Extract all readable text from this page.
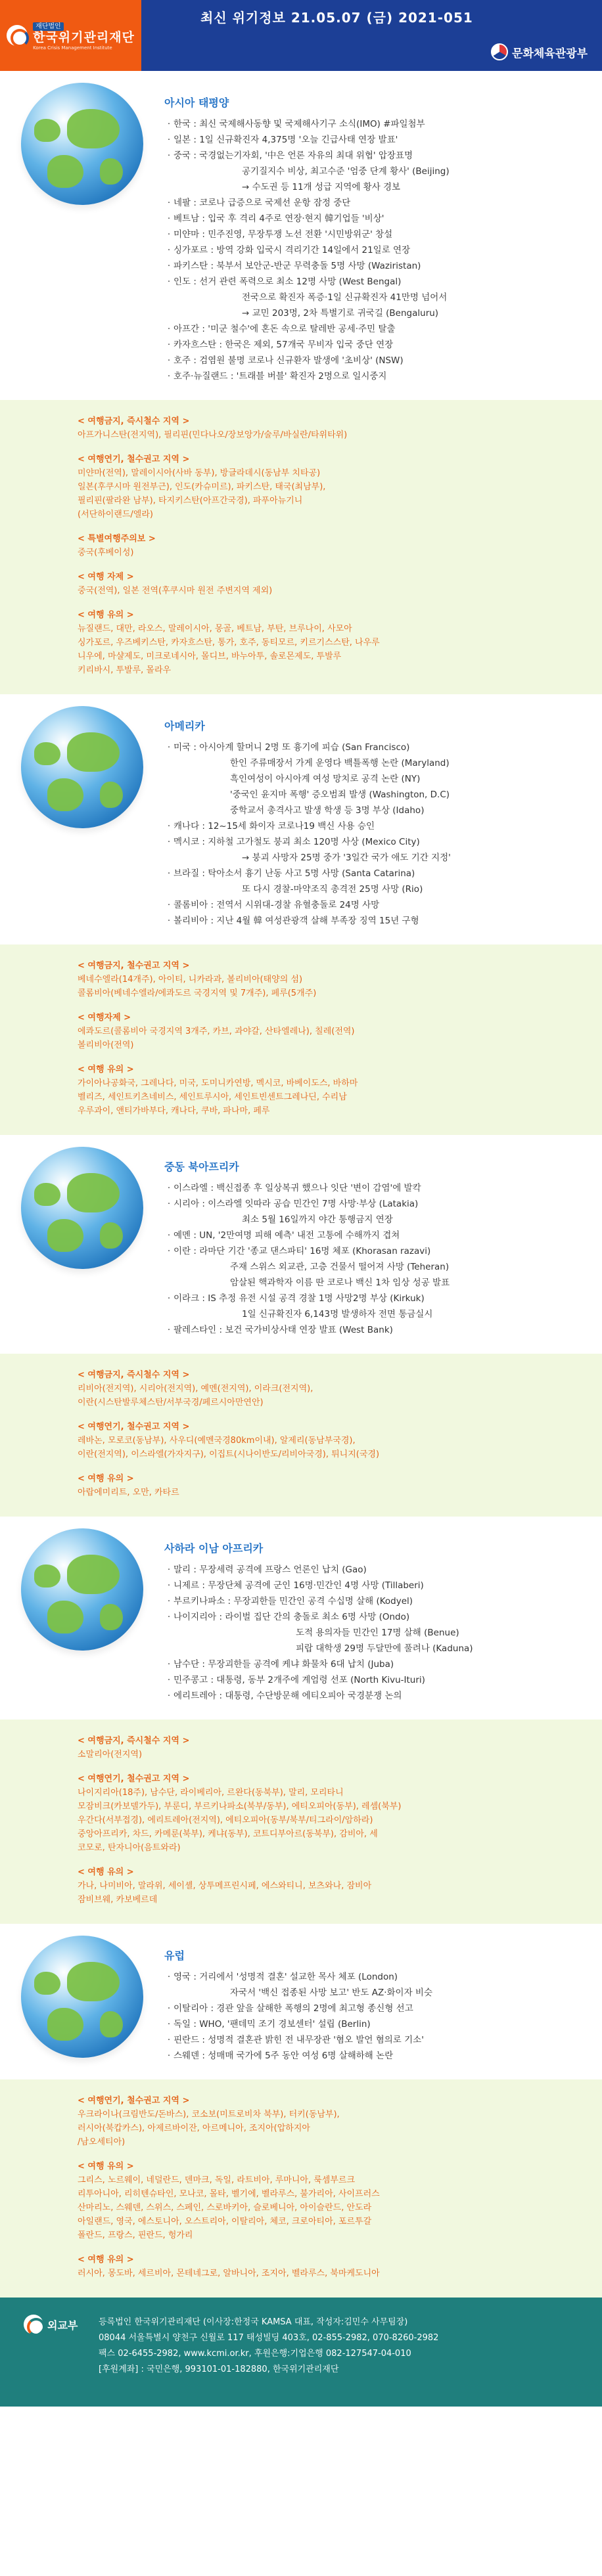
재단법인
한국위기관리재단
Korea Crisis Management Institute
최신 위기정보 21.05.07 (금) 2021-051
문화체육관광부
아시아 태평양
· 한국 : 최신 국제해사동향 및 국제해사기구 소식(IMO) #파일첨부
· 일본 : 1일 신규확진자 4,375명 '오늘 긴급사태 연장 발표'
· 중국 : 국경없는기자회, '中은 언론 자유의 최대 위협' 압장표명
공기질지수 비상, 최고수준 '엄중 단계 황사' (Beijing)
→ 수도권 등 11개 성급 지역에 황사 경보
· 네팔 : 코로나 급증으로 국제선 운항 잠정 중단
· 베트남 : 입국 후 격리 4주로 연장·현지 韓기업들 '비상'
· 미얀마 : 민주진영, 무장투쟁 노선 전환 '시민방위군' 창설
· 싱가포르 : 방역 강화 입국시 격리기간 14일에서 21일로 연장
· 파키스탄 : 북부서 보안군-반군 무력충돌 5명 사망 (Waziristan)
· 인도 : 선거 관련 폭력으로 최소 12명 사망 (West Bengal)
전국으로 확진자 폭증·1일 신규확진자 41만명 넘어서
→ 교민 203명, 2차 특별기로 귀국길 (Bengaluru)
· 아프간 : '미군 철수'에 혼돈 속으로 탈레반 공세·주민 탈출
· 카자흐스탄 : 한국은 제외, 57개국 무비자 입국 중단 연장
· 호주 : 검염원 불명 코로나 신규환자 발생에 '초비상' (NSW)
· 호주·뉴질랜드 : '트래블 버블' 확진자 2명으로 일시중지
< 여행금지, 즉시철수 지역 >
아프가니스탄(전지역), 필리핀(민다나오/장보앙가/술루/바실란/타위타위)
< 여행연기, 철수권고 지역 >
미얀마(전역), 말레이시아(사바 동부), 방글라데시(동남부 치타공)
일본(후쿠시마 원전부근), 인도(카슈미르), 파키스탄, 태국(최남부),
필리핀(팔라완 남부), 타지키스탄(아프간국경), 파푸아뉴기니
(서단하이랜드/엘라)
< 특별여행주의보 >
중국(후베이성)
< 여행 자제 >
중국(전역), 일본 전역(후쿠시마 원전 주변지역 제외)
< 여행 유의 >
뉴질랜드, 대만, 라오스, 말레이시아, 몽골, 베트남, 부탄, 브루나이, 사모아
싱가포르, 우즈베키스탄, 카자흐스탄, 통가, 호주, 동티모르, 키르기스스탄, 나우루
니우에, 마샬제도, 미크로네시아, 몰디브, 바누아투, 솔로몬제도, 투발루
키리바시, 투발루, 몰라우
아메리카
· 미국 : 아시아계 할머니 2명 또 흉기에 피습 (San Francisco)
한인 주류매장서 가게 운영다 백틀폭행 논란 (Maryland)
흑인여성이 아시아계 여성 망치로 공격 논란 (NY)
'중국인 윤지마 폭행' 증오범죄 발생 (Washington, D.C)
중학교서 총격사고 발생 학생 등 3명 부상 (Idaho)
· 캐나다 : 12~15세 화이자 코로나19 백신 사용 승인
· 멕시코 : 지하철 고가철도 붕괴 최소 120명 사상 (Mexico City)
→ 붕괴 사망자 25명 중가 '3일간 국가 애도 기간 지정'
· 브라질 : 탁아소서 흉기 난동 사고 5명 사망 (Santa Catarina)
또 다시 경찰-마약조직 총격전 25명 사망 (Rio)
· 콜롬비아 : 전역서 시위대-경찰 유혈충돌로 24명 사망
· 볼리비아 : 지난 4월 韓 여성관광객 살해 부족장 징역 15년 구형
< 여행금지, 철수권고 지역 >
베네수엘라(14개주), 아이티, 니카라과, 볼리비아(태양의 섬)
콜롬비아(베네수엘라/에콰도르 국경지역 및 7개주), 페루(5개주)
< 여행자제 >
에콰도르(콜롬비아 국경지역 3개주, 카브, 과야갈, 산타엘레나), 칠레(전역)
볼리비아(전역)
< 여행 유의 >
가이아나공화국, 그레나다, 미국, 도미니카연방, 멕시코, 바베이도스, 바하마
벨리즈, 세인트키츠네비스, 세인트루시아, 세인트빈센트그레나딘, 수리남
우루과이, 앤티가바부다, 캐나다, 쿠바, 파나마, 페루
중동 북아프리카
· 이스라엘 : 백신접종 후 일상복귀 했으나 잇단 '변이 감염'에 발칵
· 시리아 : 이스라엘 잇따라 공습 민간인 7명 사망·부상 (Latakia)
최소 5월 16일까지 야간 통행금지 연장
· 예멘 : UN, '2만여명 피해 예측' 내전 고통에 수해까지 겹쳐
· 이란 : 라마단 기간 '종교 댄스파티' 16명 체포 (Khorasan razavi)
주재 스위스 외교관, 고층 건물서 떨어져 사망 (Teheran)
암살된 핵과학자 이름 딴 코로나 백신 1차 임상 성공 발표
· 이라크 : IS 추정 유전 시설 공격 경찰 1명 사망2명 부상 (Kirkuk)
1일 신규확진자 6,143명 발생하자 전면 통금실시
· 팔레스타인 : 보건 국가비상사태 연장 발표 (West Bank)
< 여행금지, 즉시철수 지역 >
리비아(전지역), 시리아(전지역), 예멘(전지역), 이라크(전지역),
이란(시스탄발루체스탄/서부국경/페르시아만연안)
< 여행연기, 철수권고 지역 >
레바논, 모로코(동남부), 사우디(예멘국경80km이내), 알제리(동남부국경),
이란(전지역), 이스라엘(가자지구), 이집트(시나이반도/리비아국경), 튀니지(국경)
< 여행 유의 >
아랍에미리트, 오만, 카타르
사하라 이남 아프리카
· 말리 : 무장세력 공격에 프랑스 언론인 납치 (Gao)
· 니제르 : 무장단체 공격에 군인 16명·민간인 4명 사망 (Tillaberi)
· 부르키나파소 : 무장괴한들 민간인 공격 수십명 살해 (Kodyel)
· 나이지리아 : 라이벌 집단 간의 충돌로 최소 6명 사망 (Ondo)
도적 용의자들 민간인 17명 살해 (Benue)
피랍 대학생 29명 두달만에 풀려나 (Kaduna)
· 남수단 : 무장괴한들 공격에 케냐 화물차 6대 납치 (Juba)
· 민주콩고 : 대통령, 동부 2개주에 계엄령 선포 (North Kivu-Ituri)
· 에리트레아 : 대통령, 수단방문해 에티오피아 국경분쟁 논의
< 여행금지, 즉시철수 지역 >
소말리아(전지역)
< 여행연기, 철수권고 지역 >
나이지리아(18주), 남수단, 라이베리아, 르완다(동북부), 말리, 모리타니
모잠비크(카보델가두), 부룬디, 부르키나파소(북부/동부), 에티오피아(동부), 레셈(북부)
우간다(서부접경), 에리트레아(전지역), 에티오피아(동부/북부/티그라이/암하라)
중앙아프리카, 차드, 카메룬(북부), 케냐(동부), 코트디부아르(동북부), 감비아, 세
코모로, 탄자니아(음트와라)
< 여행 유의 >
가나, 나미비아, 말라위, 세이셸, 상투메프린시페, 에스와티니, 보츠와나, 잠비아
잠비브웨, 카보베르데
유럽
· 영국 : 거리에서 '성명적 결혼' 설교한 목사 체포 (London)
자국서 '백신 접종된 사망 보고' 반도 AZ·화이자 비슷
· 이탈리아 : 경관 앞을 살해한 폭행의 2명에 최고형 종신형 선고
· 독일 : WHO, '팬데믹 조기 경보센터' 설립 (Berlin)
· 핀란드 : 성명적 결혼관 밝힌 전 내무장관 '혐오 발언 혐의로 기소'
· 스웨덴 : 성매매 국가에 5주 동안 여성 6명 살해하해 논란
< 여행연기, 철수권고 지역 >
우크라이나(크림반도/돈바스), 코소보(미트로비차 북부), 터키(동남부),
러시아(북캅카스), 아제르바이잔, 아르메니아, 조지아(압하지아
/남오세티아)
< 여행 유의 >
그리스, 노르웨이, 네덜란드, 덴마크, 독일, 라트비아, 루마니아, 룩셈부르크
리투아니아, 리히텐슈타인, 모나코, 몰타, 벨기에, 벨라루스, 불가리아, 사이프러스
산마리노, 스웨덴, 스위스, 스페인, 스로바키아, 슬로베니아, 아이슬란드, 안도라
아일랜드, 영국, 에스토니아, 오스트리아, 이탈리아, 체코, 크로아티아, 포르투갈
폴란드, 프랑스, 핀란드, 헝가리
< 여행 유의 >
러시아, 몽도바, 세르비아, 몬테네그로, 알바니아, 조지아, 벨라루스, 북마케도니아
외교부 등록법인 한국위기관리재단 (이사장:한정국 KAMSA 대표, 작성자:김민수 사무팀장)
08044 서울특별시 양천구 신월로 117 태성빌딩 403호, 02-855-2982, 070-8260-2982
팩스 02-6455-2982, www.kcmi.or.kr, 후원은행:기업은행 082-127547-04-010
[후원계좌] : 국민은행, 993101-01-182880, 한국위기관리재단
